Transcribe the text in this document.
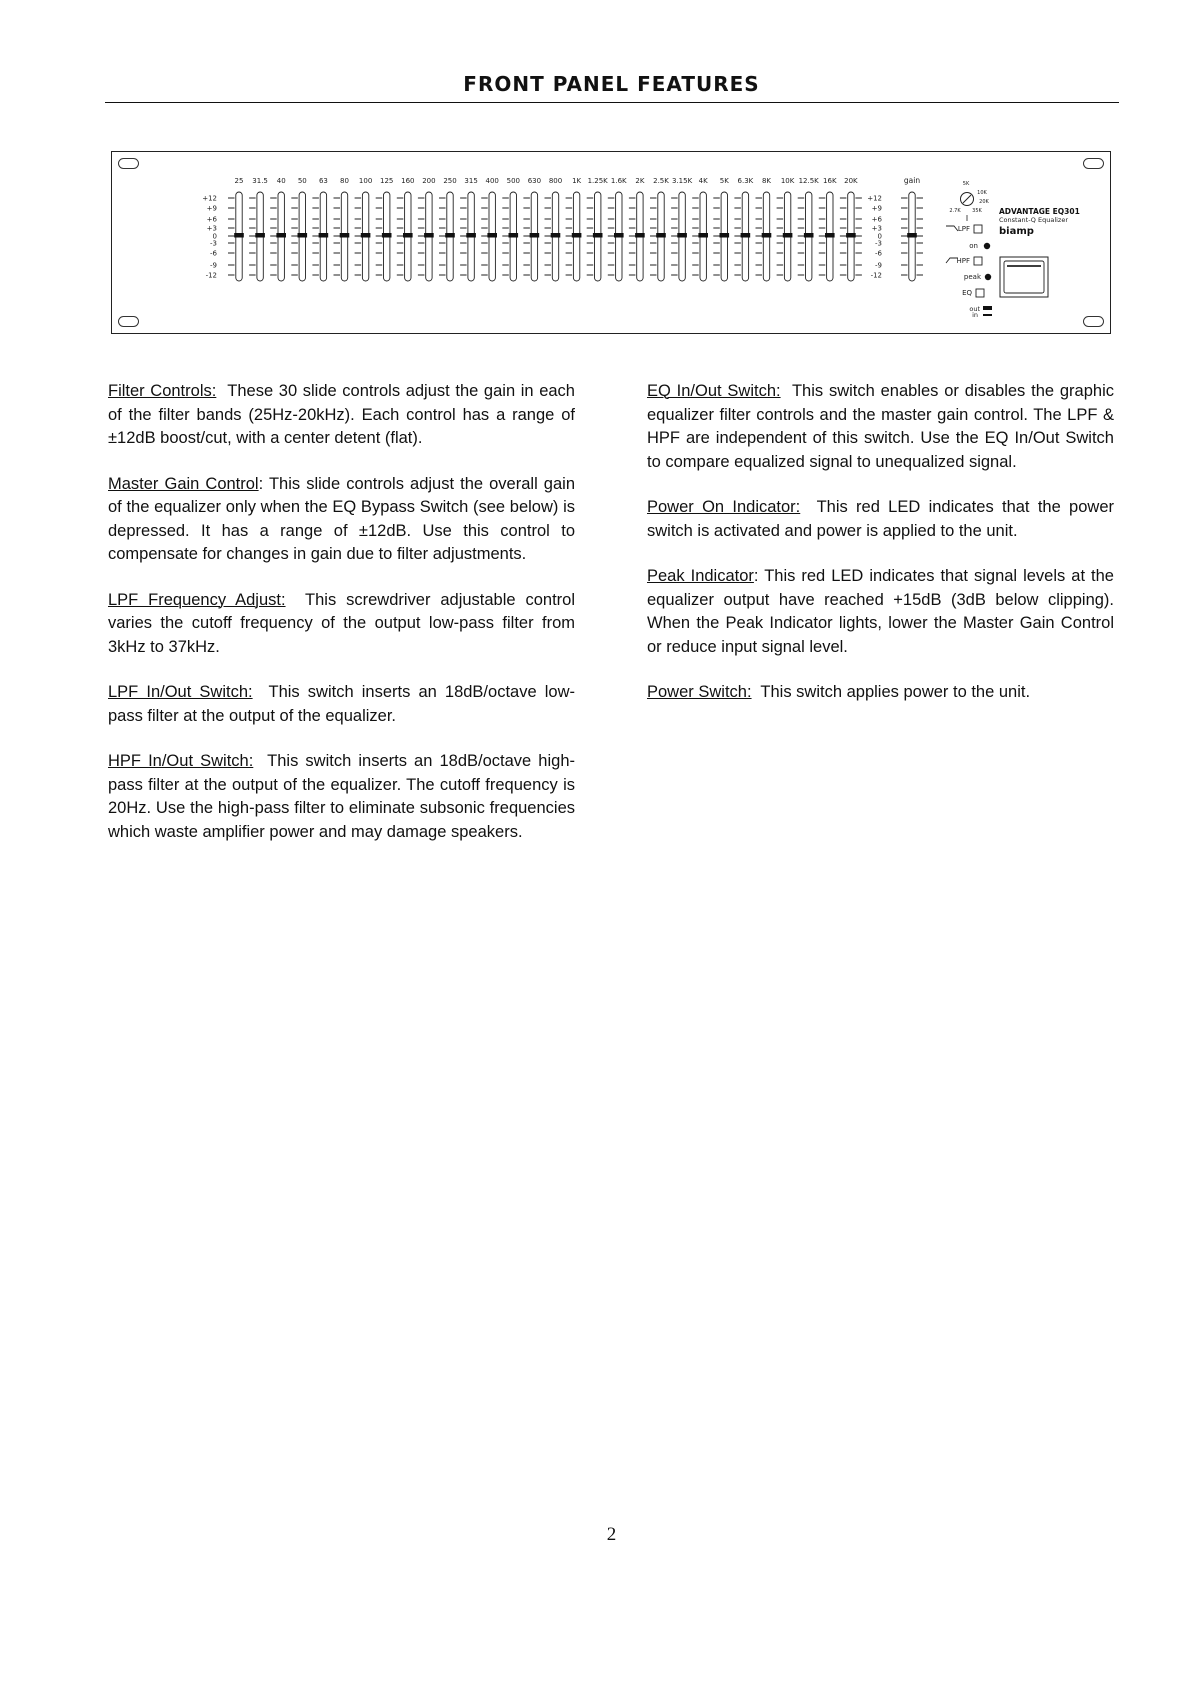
FRONT PANEL FEATURES
+12
+9
+6
+3
0
-3
-6
-9
-12
25 31.5 40 50 63 80 100 125 160 200 250 315 400 500 630 800 1K 1.25K 1.6K 2K 2.5K 3.15K 4K 5K 6.3K 8K 10K 12.5K 16K 20K
+12
+9
+6
+3
0
-3
-6
-9
-12
gain	5K
10K
20K
2.7K 35K
LPF
on
HPF
peak
EQ
out
in
ADVANTAGE EQ301
Constant-Q Equalizer
biamp

Filter Controls: These 30 slide controls adjust the gain in each of the filter bands (25Hz-20kHz). Each control has a range of ±12dB boost/cut, with a center detent (flat).

Master Gain Control: This slide controls adjust the overall gain of the equalizer only when the EQ Bypass Switch (see below) is depressed. It has a range of ±12dB. Use this control to compensate for changes in gain due to filter adjustments.

LPF Frequency Adjust: This screwdriver adjustable control varies the cutoff frequency of the output low-pass filter from 3kHz to 37kHz.

LPF In/Out Switch: This switch inserts an 18dB/octave low-pass filter at the output of the equalizer.

HPF In/Out Switch: This switch inserts an 18dB/octave high-pass filter at the output of the equalizer. The cutoff frequency is 20Hz. Use the high-pass filter to eliminate subsonic frequencies which waste amplifier power and may damage speakers.

EQ In/Out Switch: This switch enables or disables the graphic equalizer filter controls and the master gain control. The LPF & HPF are independent of this switch. Use the EQ In/Out Switch to compare equalized signal to unequalized signal.

Power On Indicator: This red LED indicates that the power switch is activated and power is applied to the unit.

Peak Indicator: This red LED indicates that signal levels at the equalizer output have reached +15dB (3dB below clipping). When the Peak Indicator lights, lower the Master Gain Control or reduce input signal level.

Power Switch: This switch applies power to the unit.

2
